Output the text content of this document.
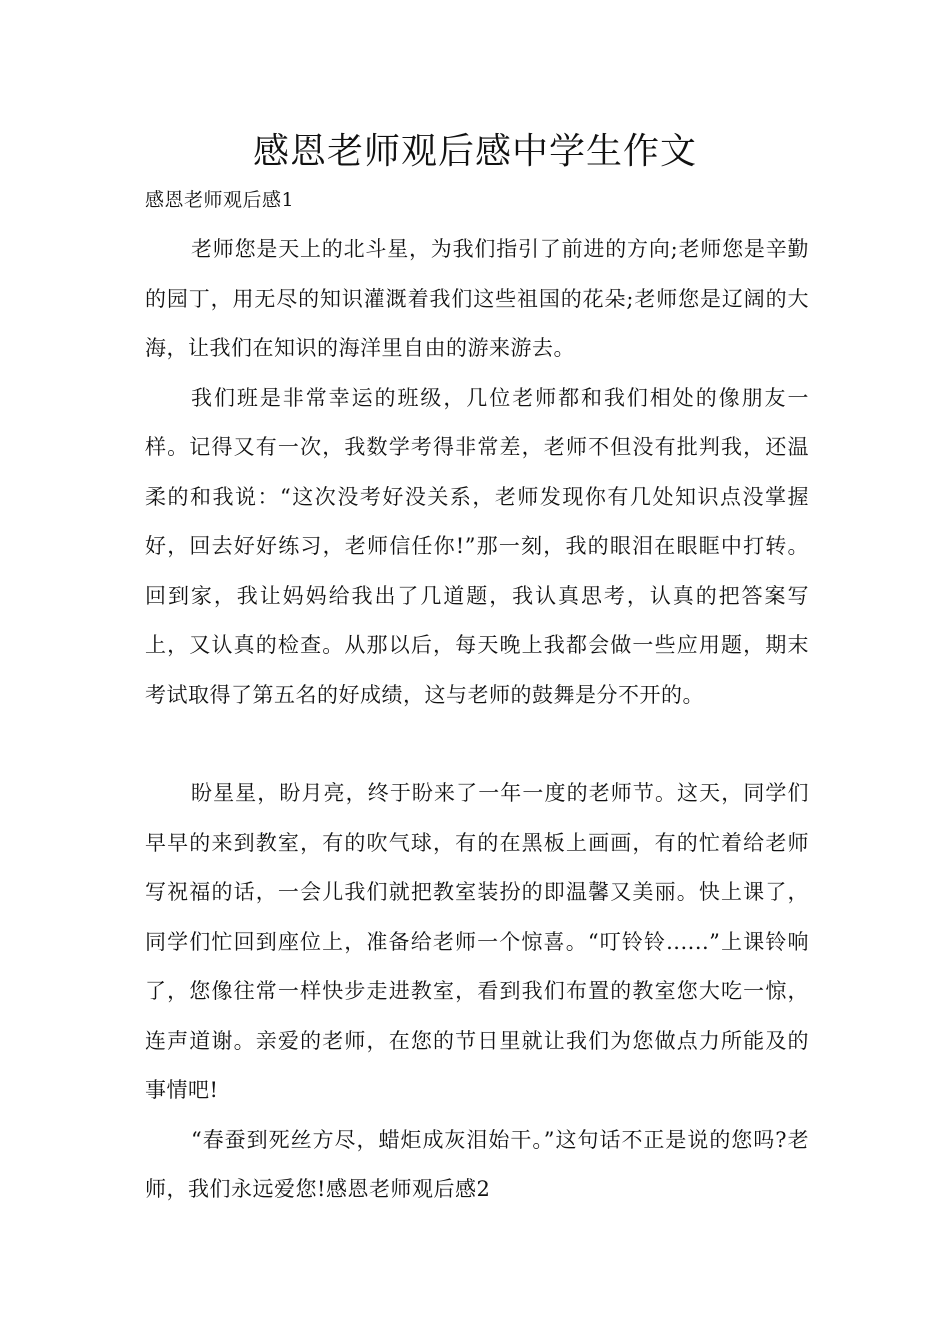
感恩老师观后感中学生作文

感恩老师观后感1

老师您是天上的北斗星，为我们指引了前进的方向;老师您是辛勤的园丁，用无尽的知识灌溉着我们这些祖国的花朵;老师您是辽阔的大海，让我们在知识的海洋里自由的游来游去。

我们班是非常幸运的班级，几位老师都和我们相处的像朋友一样。记得又有一次，我数学考得非常差，老师不但没有批判我，还温柔的和我说：“这次没考好没关系，老师发现你有几处知识点没掌握好，回去好好练习，老师信任你!”那一刻，我的眼泪在眼眶中打转。回到家，我让妈妈给我出了几道题，我认真思考，认真的把答案写上，又认真的检查。从那以后，每天晚上我都会做一些应用题，期末考试取得了第五名的好成绩，这与老师的鼓舞是分不开的。

盼星星，盼月亮，终于盼来了一年一度的老师节。这天，同学们早早的来到教室，有的吹气球，有的在黑板上画画，有的忙着给老师写祝福的话，一会儿我们就把教室装扮的即温馨又美丽。快上课了，同学们忙回到座位上，准备给老师一个惊喜。“叮铃铃......”上课铃响了，您像往常一样快步走进教室，看到我们布置的教室您大吃一惊，连声道谢。亲爱的老师，在您的节日里就让我们为您做点力所能及的事情吧!

“春蚕到死丝方尽，蜡炬成灰泪始干。”这句话不正是说的您吗?老师，我们永远爱您!感恩老师观后感2
